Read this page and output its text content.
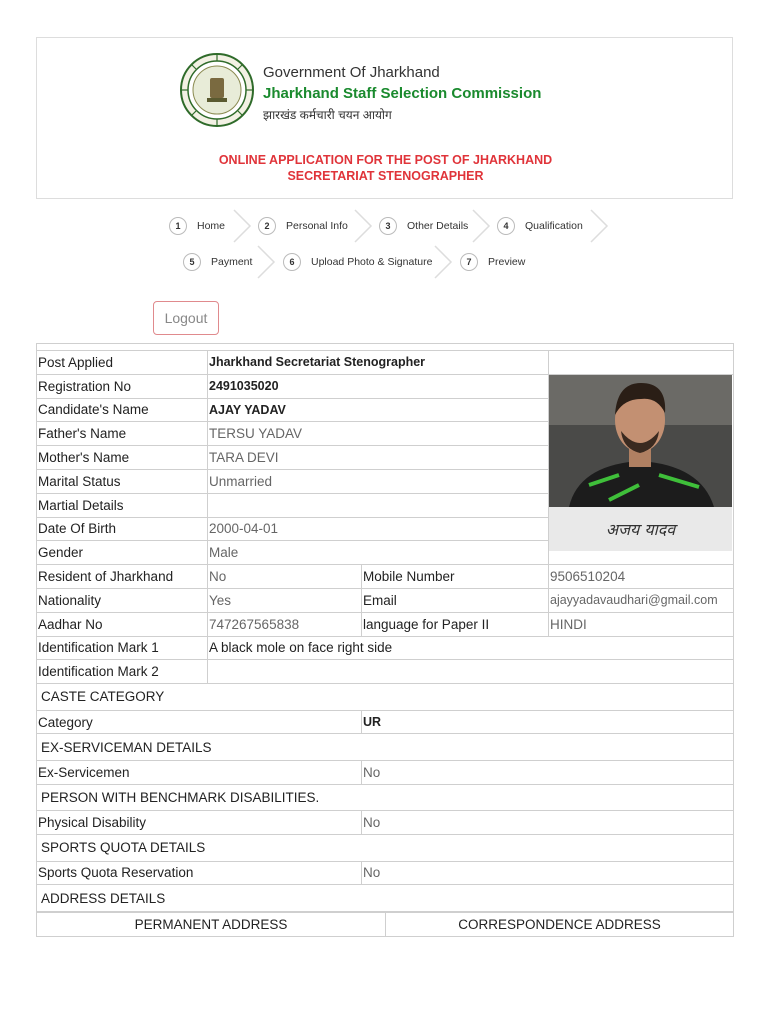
Government Of Jharkhand
Jharkhand Staff Selection Commission
झारखंड कर्मचारी चयन आयोग
ONLINE APPLICATION FOR THE POST OF JHARKHAND
SECRETARIAT STENOGRAPHER
1	Home	2	Personal Info	3	Other Details	4	Qualification
5	Payment	6	Upload Photo & Signature	7	Preview
Logout

Post Applied	Jharkhand Secretariat Stenographer		
Registration No	2491035020		अजय यादव

Candidate's Name	AJAY YADAV		
Father's Name	TERSU YADAV		
Mother's Name	TARA DEVI		
Marital Status	Unmarried		
Martial Details			
Date Of Birth	2000-04-01		
Gender	Male		
Resident of Jharkhand	No	Mobile Number	9506510204
Nationality	Yes	Email	ajayyadavaudhari@gmail.com
Aadhar No	747267565838	language for Paper II	HINDI
Identification Mark 1	A black mole on face right side		
Identification Mark 2			
CASTE CATEGORY			
Category		UR	
EX-SERVICEMAN DETAILS			
Ex-Servicemen		No	
PERSON WITH BENCHMARK DISABILITIES.			
Physical Disability		No	
SPORTS QUOTA DETAILS			
Sports Quota Reservation		No	
ADDRESS DETAILS			
PERMANENT ADDRESS	CORRESPONDENCE ADDRESS
